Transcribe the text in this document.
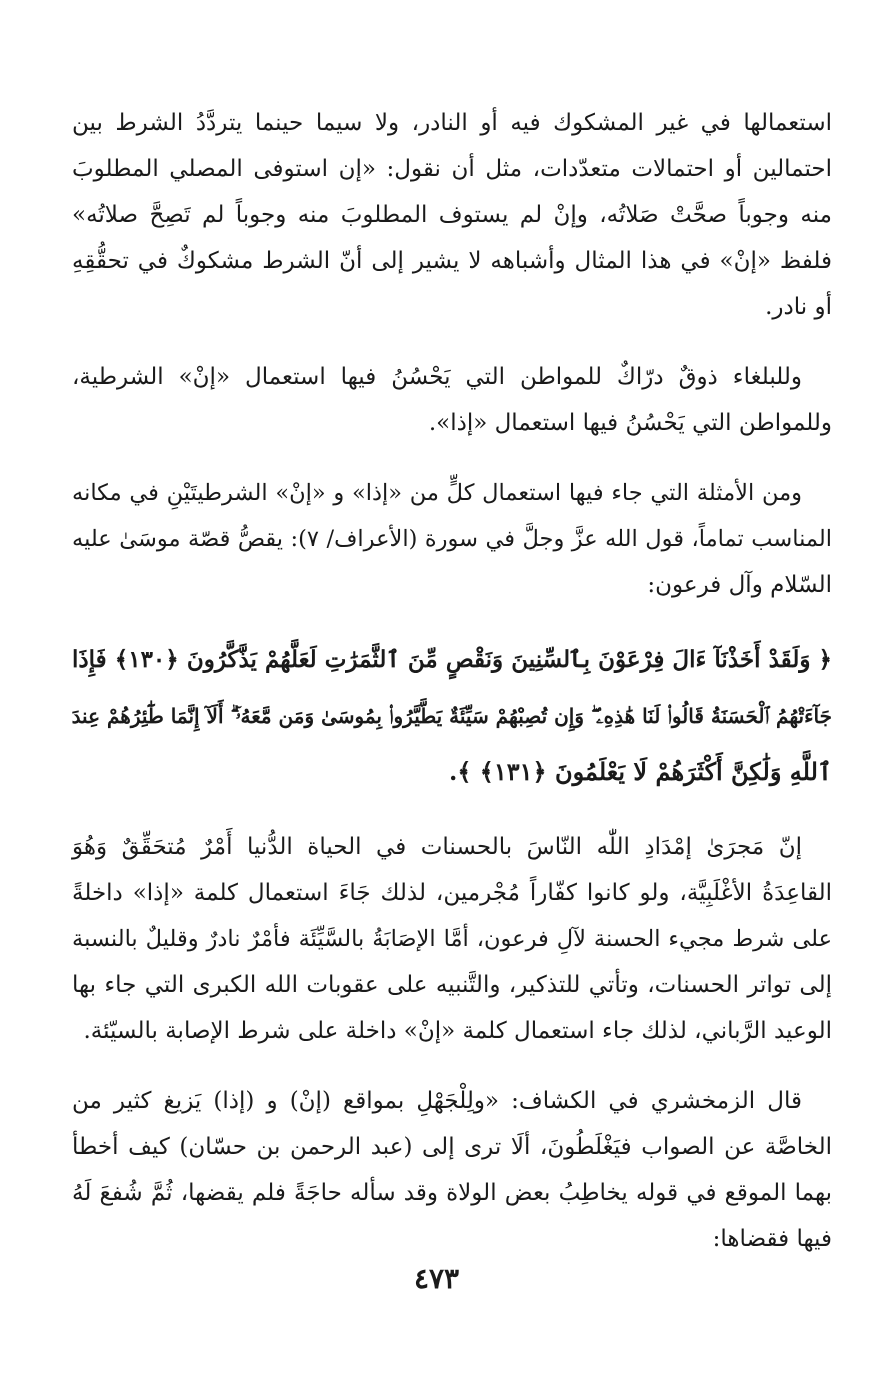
استعمالها في غير المشكوك فيه أو النادر، ولا سيما حينما يتردَّدُ الشرط بين
احتمالين أو احتمالات متعدّدات، مثل أن نقول: «إن استوفى المصلي المطلوبَ
منه وجوباً صحَّتْ صَلاتُه، وإنْ لم يستوف المطلوبَ منه وجوباً لم تَصِحَّ صلاتُه»
فلفظ «إنْ» في هذا المثال وأشباهه لا يشير إلى أنّ الشرط مشكوكٌ في تحقُّقِهِ
أو نادر.
وللبلغاء ذوقٌ درّاكٌ للمواطن التي يَحْسُنُ فيها استعمال «إنْ» الشرطية،
وللمواطن التي يَحْسُنُ فيها استعمال «إذا».
ومن الأمثلة التي جاء فيها استعمال كلٍّ من «إذا» و «إنْ» الشرطيتَيْنِ في مكانه
المناسب تماماً، قول الله عزَّ وجلَّ في سورة (الأعراف/ ٧): يقصُّ قصّة موسَىٰ عليه
السّلام وآل فرعون:
﴿ وَلَقَدْ أَخَذْنَآ ءَالَ فِرْعَوْنَ بِٱلسِّنِينَ وَنَقْصٍ مِّنَ ٱلثَّمَرَٰتِ لَعَلَّهُمْ يَذَّكَّرُونَ ﴿١٣٠﴾ فَإِذَا
جَآءَتْهُمُ ٱلْحَسَنَةُ قَالُوا۟ لَنَا هَٰذِهِۦ ۖ وَإِن تُصِبْهُمْ سَيِّئَةٌ يَطَّيَّرُوا۟ بِمُوسَىٰ وَمَن مَّعَهُۥٓ ۗ أَلَآ إِنَّمَا طَٰٓئِرُهُمْ عِندَ
ٱللَّهِ وَلَٰكِنَّ أَكْثَرَهُمْ لَا يَعْلَمُونَ ﴿١٣١﴾ ﴾.
إنّ مَجرَىٰ إمْدَادِ اللّٰه النّاسَ بالحسنات في الحياة الدُّنيا أَمْرٌ مُتحَقِّقٌ وَهُوَ
القاعِدَةُ الأغْلَبِيَّة، ولو كانوا كفّاراً مُجْرمين، لذلك جَاءَ استعمال كلمة «إذا» داخلةً
على شرط مجيء الحسنة لآلِ فرعون، أمَّا الإصَابَةُ بالسَّيِّئَة فأمْرٌ نادرٌ وقليلٌ بالنسبة
إلى تواتر الحسنات، وتأتي للتذكير، والتَّنبيه على عقوبات الله الكبرى التي جاء بها
الوعيد الرَّباني، لذلك جاء استعمال كلمة «إنْ» داخلة على شرط الإصابة بالسيّئة.
قال الزمخشري في الكشاف: «ولِلْجَهْلِ بمواقع (إنْ) و (إذا) يَزيغ كثير من
الخاصَّة عن الصواب فيَغْلَطُونَ، ألَا ترى إلى (عبد الرحمن بن حسّان) كيف أخطأ
بهما الموقع في قوله يخاطِبُ بعض الولاة وقد سأله حاجَةً فلم يقضها، ثُمَّ شُفعَ لَهُ
فيها فقضاها:
٤٧٣
